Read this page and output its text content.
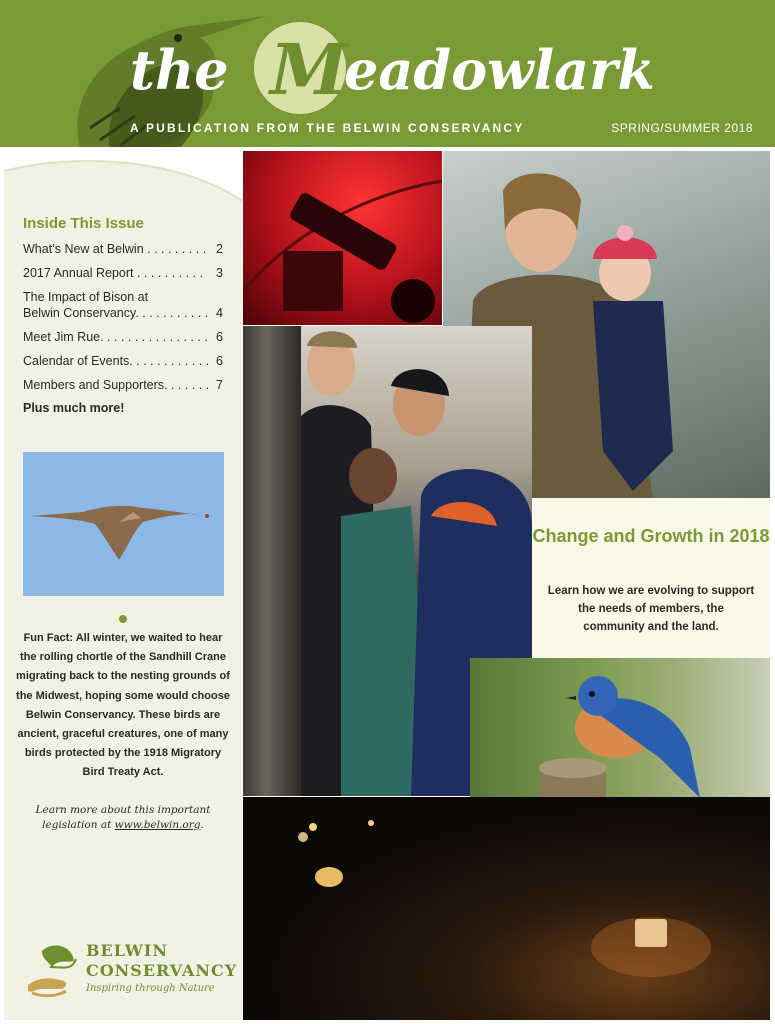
the M
eadowlark
A PUBLICATION FROM THE BELWIN CONSERVANCY	SPRING/SUMMER 2018
Inside This Issue
What’s New at Belwin . . . . . . . . . 2
2017 Annual Report . . . . . . . . . . 3
The Impact of Bison at
Belwin Conservancy. . . . . . . . . . . 4
Meet Jim Rue. . . . . . . . . . . . . . . . 6
Calendar of Events. . . . . . . . . . . . 6
Members and Supporters. . . . . . . 7
Plus much more!
Fun Fact: All winter, we waited to hear the rolling chortle of the Sandhill Crane migrating back to the nesting grounds of the Midwest, hoping some would choose Belwin Conservancy. These birds are ancient, graceful creatures, one of many birds protected by the 1918 Migratory Bird Treaty Act.
Learn more about this important legislation at www.belwin.org.
BELWIN
CONSERVANCY
Inspiring through Nature
Change and Growth in 2018
Learn how we are evolving to support the needs of members, the community and the land.
